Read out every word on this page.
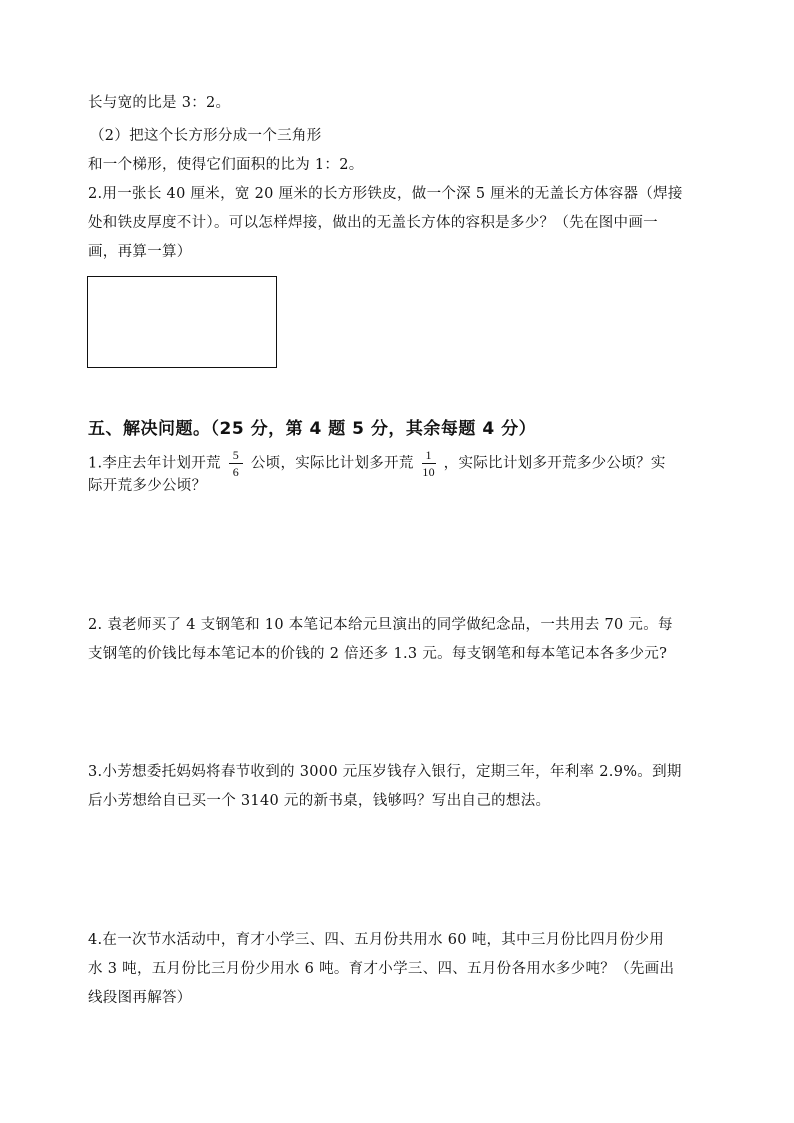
长与宽的比是 3：2。
（2）把这个长方形分成一个三角形
和一个梯形，使得它们面积的比为 1：2。
2.用一张长 40 厘米，宽 20 厘米的长方形铁皮，做一个深 5 厘米的无盖长方体容器（焊接
处和铁皮厚度不计）。可以怎样焊接，做出的无盖长方体的容积是多少？（先在图中画一
画，再算一算）
五、解决问题。（25 分，第 4 题 5 分，其余每题 4 分）
1.李庄去年计划开荒 $\frac{5}{6}$ 公顷，实际比计划多开荒 $\frac{1}{10}$ ，实际比计划多开荒多少公顷？实
际开荒多少公顷？
2. 袁老师买了 4 支钢笔和 10 本笔记本给元旦演出的同学做纪念品，一共用去 70 元。每
支钢笔的价钱比每本笔记本的价钱的 2 倍还多 1.3 元。每支钢笔和每本笔记本各多少元?
3.小芳想委托妈妈将春节收到的 3000 元压岁钱存入银行，定期三年，年利率 2.9%。到期
后小芳想给自已买一个 3140 元的新书桌，钱够吗？写出自己的想法。
4.在一次节水活动中，育才小学三、四、五月份共用水 60 吨，其中三月份比四月份少用
水 3 吨，五月份比三月份少用水 6 吨。育才小学三、四、五月份各用水多少吨？（先画出
线段图再解答）
